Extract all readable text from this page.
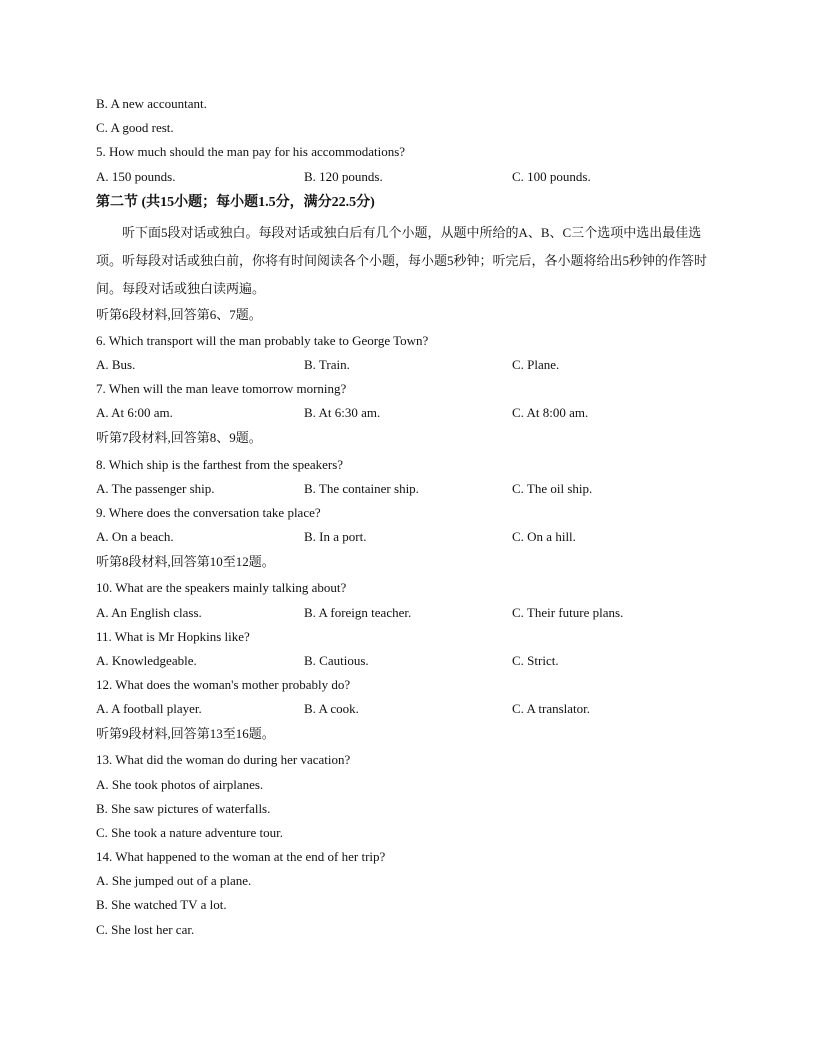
B. A new accountant.
C. A good rest.
5. How much should the man pay for his accommodations?
A. 150 pounds.	B. 120 pounds.	C. 100 pounds.
第二节 (共15小题；每小题1.5分，满分22.5分)
听下面5段对话或独白。每段对话或独白后有几个小题，从题中所给的A、B、C三个选项中选出最佳选项。听每段对话或独白前，你将有时间阅读各个小题，每小题5秒钟；听完后，各小题将给出5秒钟的作答时间。每段对话或独白读两遍。
听第6段材料,回答第6、7题。
6. Which transport will the man probably take to George Town?
A. Bus.	B. Train.	C. Plane.
7. When will the man leave tomorrow morning?
A. At 6:00 am.	B. At 6:30 am.	C. At 8:00 am.
听第7段材料,回答第8、9题。
8. Which ship is the farthest from the speakers?
A. The passenger ship.	B. The container ship.	C. The oil ship.
9. Where does the conversation take place?
A. On a beach.	B. In a port.	C. On a hill.
听第8段材料,回答第10至12题。
10. What are the speakers mainly talking about?
A. An English class.	B. A foreign teacher.	C. Their future plans.
11. What is Mr Hopkins like?
A. Knowledgeable.	B. Cautious.	C. Strict.
12. What does the woman's mother probably do?
A. A football player.	B. A cook.	C. A translator.
听第9段材料,回答第13至16题。
13. What did the woman do during her vacation?
A. She took photos of airplanes.
B. She saw pictures of waterfalls.
C. She took a nature adventure tour.
14. What happened to the woman at the end of her trip?
A. She jumped out of a plane.
B. She watched TV a lot.
C. She lost her car.
